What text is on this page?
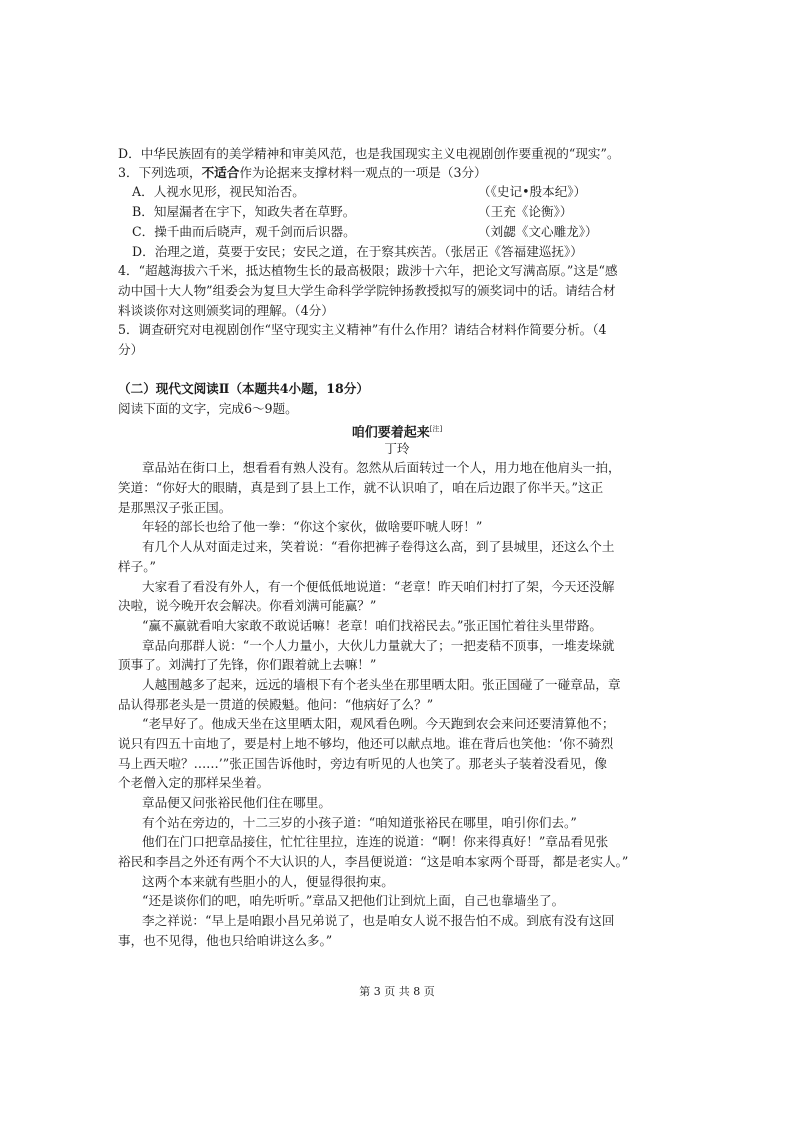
D．中华民族固有的美学精神和审美风范，也是我国现实主义电视剧创作要重视的“现实”。

3．下列选项，不适合作为论据来支撑材料一观点的一项是（3分）

A．人视水见形，视民知治否。	（《史记•殷本纪》）

B．知屋漏者在宇下，知政失者在草野。	（王充《论衡》）

C．操千曲而后晓声，观千剑而后识器。	（刘勰《文心雕龙》）

D．治理之道，莫要于安民；安民之道，在于察其疾苦。（张居正《答福建巡抚》）

4．“超越海拔六千米，抵达植物生长的最高极限；跋涉十六年，把论文写满高原。”这是“感

动中国十大人物”组委会为复旦大学生命科学学院钟扬教授拟写的颁奖词中的话。请结合材

料谈谈你对这则颁奖词的理解。（4分）

5．调查研究对电视剧创作“坚守现实主义精神”有什么作用？请结合材料作简要分析。（4

分）

（二）现代文阅读Ⅱ（本题共4小题，18分）

阅读下面的文字，完成6～9题。

咱们要着起来[注]

丁玲

章品站在街口上，想看看有熟人没有。忽然从后面转过一个人，用力地在他肩头一拍，

笑道：“你好大的眼睛，真是到了县上工作，就不认识咱了，咱在后边跟了你半天。”这正

是那黑汉子张正国。

年轻的部长也给了他一拳：“你这个家伙，做啥要吓唬人呀！”

有几个人从对面走过来，笑着说：“看你把裤子卷得这么高，到了县城里，还这么个土

样子。”

大家看了看没有外人，有一个便低低地说道：“老章！昨天咱们村打了架，今天还没解

决啦，说今晚开农会解决。你看刘满可能赢？”

“赢不赢就看咱大家敢不敢说话嘛！老章！咱们找裕民去。”张正国忙着往头里带路。

章品向那群人说：“一个人力量小，大伙儿力量就大了；一把麦秸不顶事，一堆麦垛就

顶事了。刘满打了先锋，你们跟着就上去嘛！”

人越围越多了起来，远远的墙根下有个老头坐在那里晒太阳。张正国碰了一碰章品，章

品认得那老头是一贯道的侯殿魁。他问：“他病好了么？”

“老早好了。他成天坐在这里晒太阳，观风看色咧。今天跑到农会来问还要清算他不；

说只有四五十亩地了，要是村上地不够均，他还可以献点地。谁在背后也笑他：‘你不骑烈

马上西天啦？……’”张正国告诉他时，旁边有听见的人也笑了。那老头子装着没看见，像

个老僧入定的那样呆坐着。

章品便又问张裕民他们住在哪里。

有个站在旁边的，十二三岁的小孩子道：“咱知道张裕民在哪里，咱引你们去。”

他们在门口把章品接住，忙忙往里拉，连连的说道：“啊！你来得真好！”章品看见张

裕民和李昌之外还有两个不大认识的人，李昌便说道：“这是咱本家两个哥哥，都是老实人。”

这两个本来就有些胆小的人，便显得很拘束。

“还是谈你们的吧，咱先听听。”章品又把他们让到炕上面，自己也靠墙坐了。

李之祥说：“早上是咱跟小昌兄弟说了，也是咱女人说不报告怕不成。到底有没有这回

事，也不见得，他也只给咱讲这么多。”

第 3 页 共 8 页
